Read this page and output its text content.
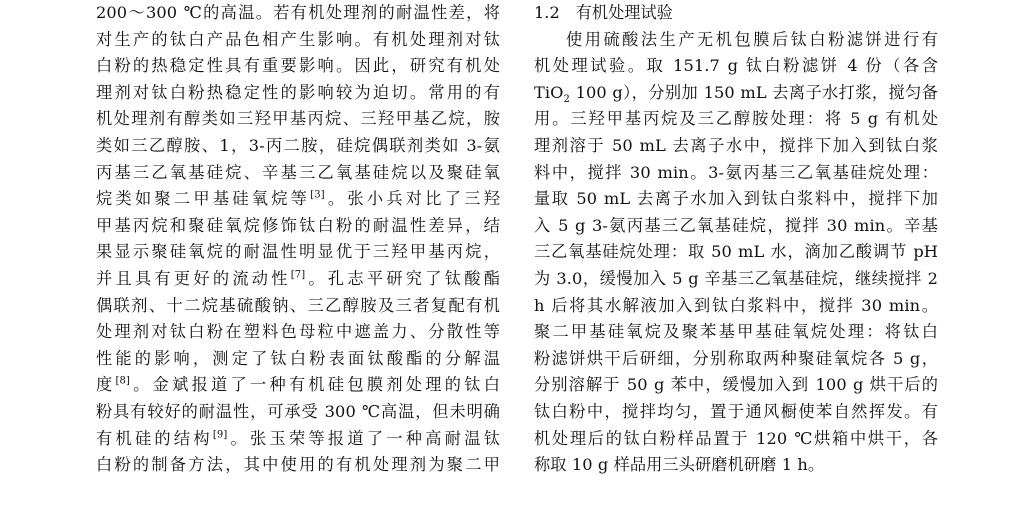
200～300 ℃的高温。若有机处理剂的耐温性差，将
对生产的钛白产品色相产生影响。有机处理剂对钛
白粉的热稳定性具有重要影响。因此，研究有机处
理剂对钛白粉热稳定性的影响较为迫切。常用的有
机处理剂有醇类如三羟甲基丙烷、三羟甲基乙烷，胺
类如三乙醇胺、1，3-丙二胺，硅烷偶联剂类如 3-氨
丙基三乙氧基硅烷、辛基三乙氧基硅烷以及聚硅氧
烷类如聚二甲基硅氧烷等[3]。张小兵对比了三羟
甲基丙烷和聚硅氧烷修饰钛白粉的耐温性差异，结
果显示聚硅氧烷的耐温性明显优于三羟甲基丙烷，
并且具有更好的流动性[7]。孔志平研究了钛酸酯
偶联剂、十二烷基硫酸钠、三乙醇胺及三者复配有机
处理剂对钛白粉在塑料色母粒中遮盖力、分散性等
性能的影响，测定了钛白粉表面钛酸酯的分解温
度[8]。金斌报道了一种有机硅包膜剂处理的钛白
粉具有较好的耐温性，可承受 300 ℃高温，但未明确
有机硅的结构[9]。张玉荣等报道了一种高耐温钛
白粉的制备方法，其中使用的有机处理剂为聚二甲
1.2 有机处理试验
使用硫酸法生产无机包膜后钛白粉滤饼进行有
机处理试验。取 151.7 g 钛白粉滤饼 4 份（各含
TiO$_2$ 100 g），分别加 150 mL 去离子水打浆，搅匀备
用。三羟甲基丙烷及三乙醇胺处理：将 5 g 有机处
理剂溶于 50 mL 去离子水中，搅拌下加入到钛白浆
料中，搅拌 30 min。3-氨丙基三乙氧基硅烷处理：
量取 50 mL 去离子水加入到钛白浆料中，搅拌下加
入 5 g 3-氨丙基三乙氧基硅烷，搅拌 30 min。辛基
三乙氧基硅烷处理：取 50 mL 水，滴加乙酸调节 pH
为 3.0，缓慢加入 5 g 辛基三乙氧基硅烷，继续搅拌 2
h 后将其水解液加入到钛白浆料中，搅拌 30 min。
聚二甲基硅氧烷及聚苯基甲基硅氧烷处理：将钛白
粉滤饼烘干后研细，分别称取两种聚硅氧烷各 5 g，
分别溶解于 50 g 苯中，缓慢加入到 100 g 烘干后的
钛白粉中，搅拌均匀，置于通风橱使苯自然挥发。有
机处理后的钛白粉样品置于 120 ℃烘箱中烘干，各
称取 10 g 样品用三头研磨机研磨 1 h。
